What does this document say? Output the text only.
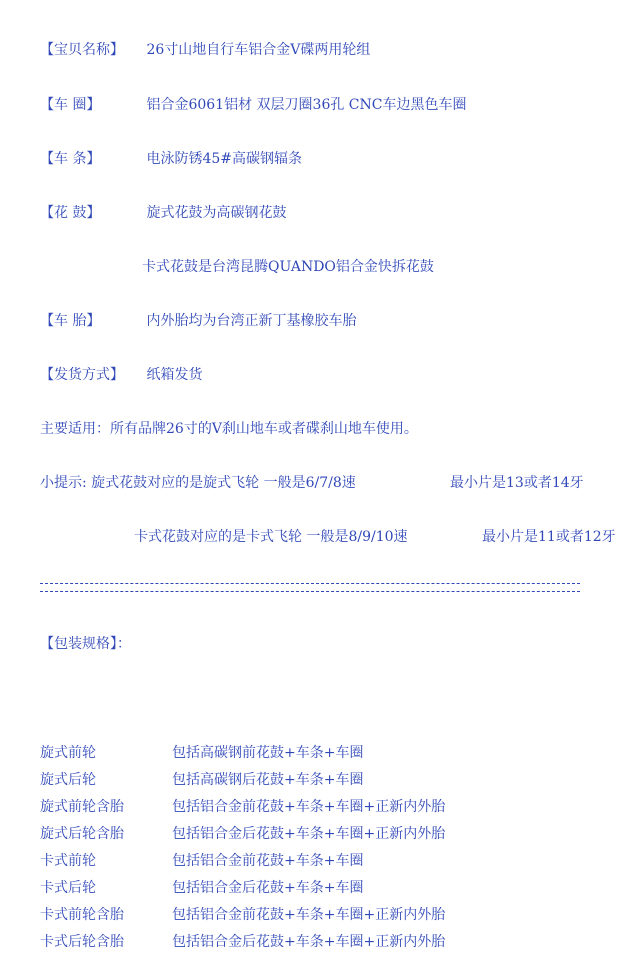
【宝贝名称】 26寸山地自行车铝合金V碟两用轮组
【车 圈】	铝合金6061铝材 双层刀圈36孔 CNC车边黑色车圈
【车 条】	电泳防锈45#高碳钢辐条
【花 鼓】	旋式花鼓为高碳钢花鼓
卡式花鼓是台湾昆腾QUANDO铝合金快拆花鼓
【车 胎】	内外胎均为台湾正新丁基橡胶车胎
【发货方式】 纸箱发货
主要适用：所有品牌26寸的V刹山地车或者碟刹山地车使用。
小提示: 旋式花鼓对应的是旋式飞轮 一般是6/7/8速	最小片是13或者14牙
卡式花鼓对应的是卡式飞轮 一般是8/9/10速	最小片是11或者12牙
【包装规格】：
旋式前轮	包括高碳钢前花鼓+车条+车圈
旋式后轮	包括高碳钢后花鼓+车条+车圈
旋式前轮含胎	包括铝合金前花鼓+车条+车圈+正新内外胎
旋式后轮含胎	包括铝合金后花鼓+车条+车圈+正新内外胎
卡式前轮	包括铝合金前花鼓+车条+车圈
卡式后轮	包括铝合金后花鼓+车条+车圈
卡式前轮含胎	包括铝合金前花鼓+车条+车圈+正新内外胎
卡式后轮含胎	包括铝合金后花鼓+车条+车圈+正新内外胎
